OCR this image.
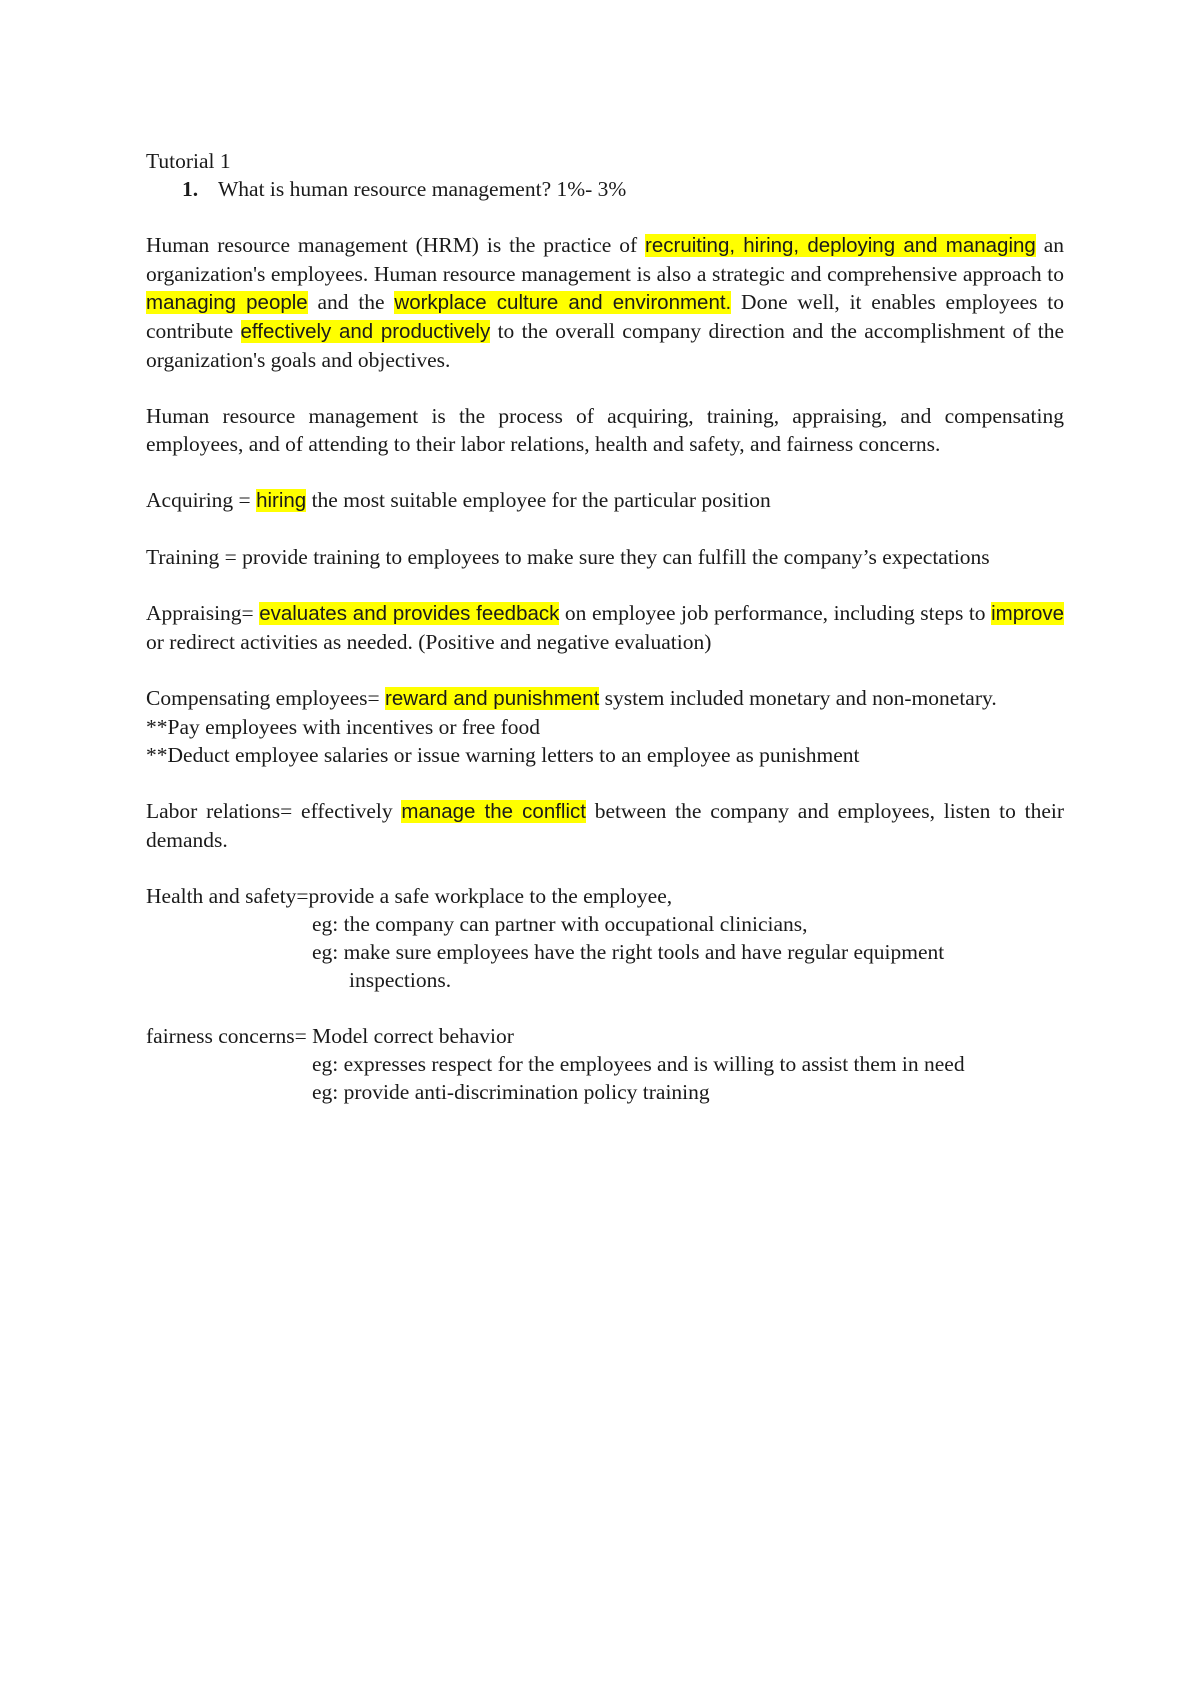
Tutorial 1

1. What is human resource management? 1%- 3%

Human resource management (HRM) is the practice of recruiting, hiring, deploying and managing an organization's employees. Human resource management is also a strategic and comprehensive approach to managing people and the workplace culture and environment. Done well, it enables employees to contribute effectively and productively to the overall company direction and the accomplishment of the organization's goals and objectives.

Human resource management is the process of acquiring, training, appraising, and compensating employees, and of attending to their labor relations, health and safety, and fairness concerns.

Acquiring = hiring the most suitable employee for the particular position

Training = provide training to employees to make sure they can fulfill the company’s expectations

Appraising= evaluates and provides feedback on employee job performance, including steps to improve or redirect activities as needed. (Positive and negative evaluation)

Compensating employees= reward and punishment system included monetary and non-monetary.

**Pay employees with incentives or free food

**Deduct employee salaries or issue warning letters to an employee as punishment

Labor relations= effectively manage the conflict between the company and employees, listen to their demands.

Health and safety=provide a safe workplace to the employee,

eg: the company can partner with occupational clinicians,

eg: make sure employees have the right tools and have regular equipment

inspections.

fairness concerns= Model correct behavior

eg: expresses respect for the employees and is willing to assist them in need

eg: provide anti-discrimination policy training
